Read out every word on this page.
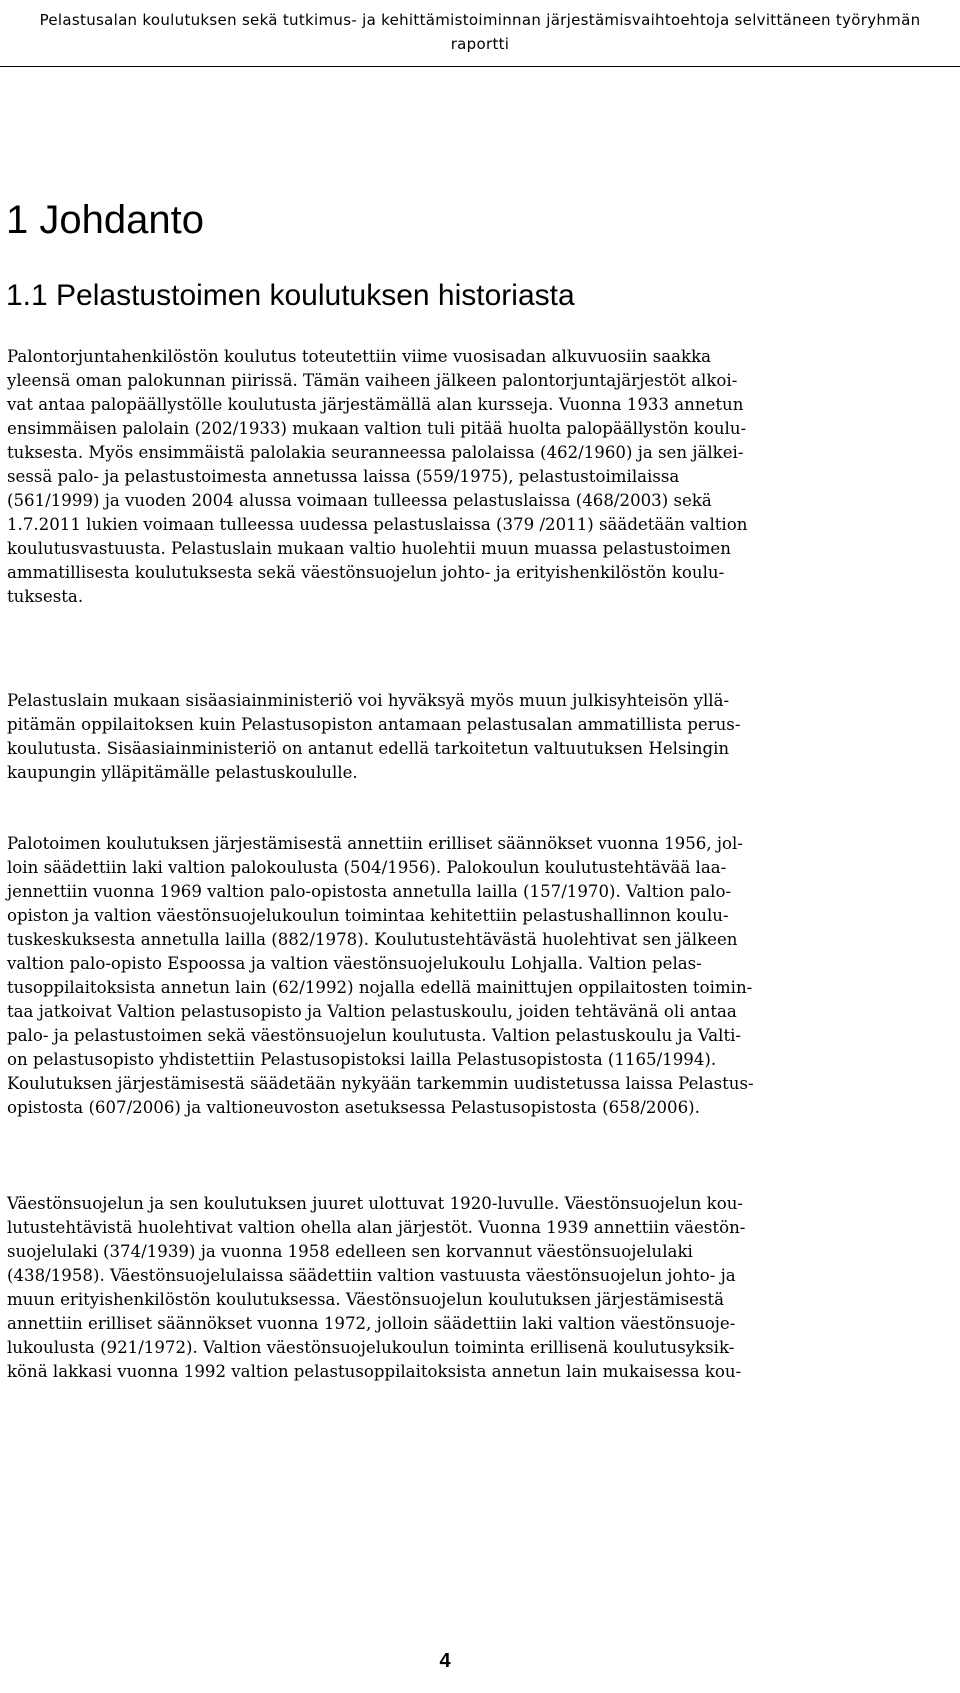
Pelastusalan koulutuksen sekä tutkimus- ja kehittämistoiminnan järjestämisvaihtoehtoja selvittäneen työryhmän
raportti
1 Johdanto
1.1 Pelastustoimen koulutuksen historiasta
Palontorjuntahenkilöstön koulutus toteutettiin viime vuosisadan alkuvuosiin saakka
yleensä oman palokunnan piirissä. Tämän vaiheen jälkeen palontorjuntajärjestöt alkoi-
vat antaa palopäällystölle koulutusta järjestämällä alan kursseja. Vuonna 1933 annetun
ensimmäisen palolain (202/1933) mukaan valtion tuli pitää huolta palopäällystön koulu-
tuksesta. Myös ensimmäistä palolakia seuranneessa palolaissa (462/1960) ja sen jälkei-
sessä palo- ja pelastustoimesta annetussa laissa (559/1975), pelastustoimilaissa
(561/1999) ja vuoden 2004 alussa voimaan tulleessa pelastuslaissa (468/2003) sekä
1.7.2011 lukien voimaan tulleessa uudessa pelastuslaissa (379 /2011) säädetään valtion
koulutusvastuusta. Pelastuslain mukaan valtio huolehtii muun muassa pelastustoimen
ammatillisesta koulutuksesta sekä väestönsuojelun johto- ja erityishenkilöstön koulu-
tuksesta.
Pelastuslain mukaan sisäasiainministeriö voi hyväksyä myös muun julkisyhteisön yllä-
pitämän oppilaitoksen kuin Pelastusopiston antamaan pelastusalan ammatillista perus-
koulutusta. Sisäasiainministeriö on antanut edellä tarkoitetun valtuutuksen Helsingin
kaupungin ylläpitämälle pelastuskoululle.
Palotoimen koulutuksen järjestämisestä annettiin erilliset säännökset vuonna 1956, jol-
loin säädettiin laki valtion palokoulusta (504/1956). Palokoulun koulutustehtävää laa-
jennettiin vuonna 1969 valtion palo-opistosta annetulla lailla (157/1970). Valtion palo-
opiston ja valtion väestönsuojelukoulun toimintaa kehitettiin pelastushallinnon koulu-
tuskeskuksesta annetulla lailla (882/1978). Koulutustehtävästä huolehtivat sen jälkeen
valtion palo-opisto Espoossa ja valtion väestönsuojelukoulu Lohjalla. Valtion pelas-
tusoppilaitoksista annetun lain (62/1992) nojalla edellä mainittujen oppilaitosten toimin-
taa jatkoivat Valtion pelastusopisto ja Valtion pelastuskoulu, joiden tehtävänä oli antaa
palo- ja pelastustoimen sekä väestönsuojelun koulutusta. Valtion pelastuskoulu ja Valti-
on pelastusopisto yhdistettiin Pelastusopistoksi lailla Pelastusopistosta (1165/1994).
Koulutuksen järjestämisestä säädetään nykyään tarkemmin uudistetussa laissa Pelastus-
opistosta (607/2006) ja valtioneuvoston asetuksessa Pelastusopistosta (658/2006).
Väestönsuojelun ja sen koulutuksen juuret ulottuvat 1920-luvulle. Väestönsuojelun kou-
lutustehtävistä huolehtivat valtion ohella alan järjestöt. Vuonna 1939 annettiin väestön-
suojelulaki (374/1939) ja vuonna 1958 edelleen sen korvannut väestönsuojelulaki
(438/1958). Väestönsuojelulaissa säädettiin valtion vastuusta väestönsuojelun johto- ja
muun erityishenkilöstön koulutuksessa. Väestönsuojelun koulutuksen järjestämisestä
annettiin erilliset säännökset vuonna 1972, jolloin säädettiin laki valtion väestönsuoje-
lukoulusta (921/1972). Valtion väestönsuojelukoulun toiminta erillisenä koulutusyksik-
könä lakkasi vuonna 1992 valtion pelastusoppilaitoksista annetun lain mukaisessa kou-
4
